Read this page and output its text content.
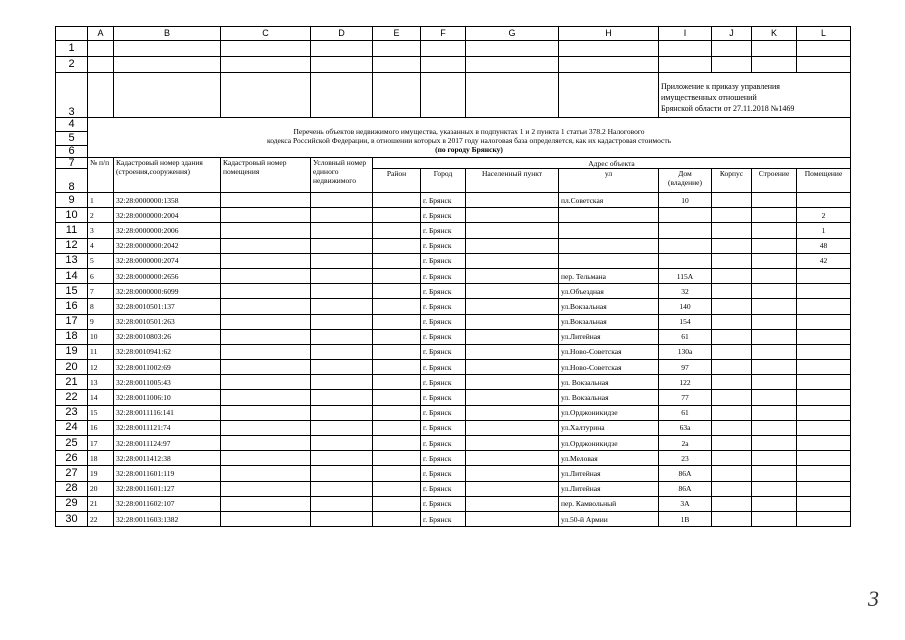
	A	B	C	D	E	F	G	H	I	J	K	L
1												
2												
3									Приложение к приказу управления
имущественных отношений
Брянской области от 27.11.2018 №1469			

4	Перечень объектов недвижимого имущества, указанных в подпунктах 1 и 2 пункта 1 статьи 378.2 Налогового
кодекса Российской Федерации, в отношении которых в 2017 году налоговая база определяется, как их кадастровая стоимость
(по городу Брянску)											

5												
6												
7	№ п/п	Кадастровый номер здания (строения,сооружения)	Кадастровый номер помещения	Условный номер единого недвижимого	Адрес объекта							
8					Район	Город	Населенный пункт	ул	Дом (владение)	Корпус	Строение	Помещение
9	1	32:28:0000000:1358				г. Брянск		пл.Советская	10			
10	2	32:28:0000000:2004				г. Брянск						2
11	3	32:28:0000000:2006				г. Брянск						1
12	4	32:28:0000000:2042				г. Брянск						48
13	5	32:28:0000000:2074				г. Брянск						42
14	6	32:28:0000000:2656				г. Брянск		пер. Тельмана	115А			
15	7	32:28:0000000:6099				г. Брянск		ул.Объездная	32			
16	8	32:28:0010501:137				г. Брянск		ул.Вокзальная	140			
17	9	32:28:0010501:263				г. Брянск		ул.Вокзальная	154			
18	10	32:28:0010803:26				г. Брянск		ул.Литейная	61			
19	11	32:28:0010941:62				г. Брянск		ул.Ново-Советская	130а			
20	12	32:28:0011002:69				г. Брянск		ул.Ново-Советская	97			
21	13	32:28:0011005:43				г. Брянск		ул. Вокзальная	122			
22	14	32:28:0011006:10				г. Брянск		ул. Вокзальная	77			
23	15	32:28:0011116:141				г. Брянск		ул.Орджоникидзе	61			
24	16	32:28:0011121:74				г. Брянск		ул.Халтурина	63а			
25	17	32:28:0011124:97				г. Брянск		ул.Орджоникидзе	2а			
26	18	32:28:0011412:38				г. Брянск		ул.Меловая	23			
27	19	32:28:0011601:119				г. Брянск		ул.Литейная	86А			
28	20	32:28:0011601:127				г. Брянск		ул.Литейная	86А			
29	21	32:28:0011602:107				г. Брянск		пер. Камвольный	3А			
30	22	32:28:0011603:1382				г. Брянск		ул.50-й Армии	1В			
3
